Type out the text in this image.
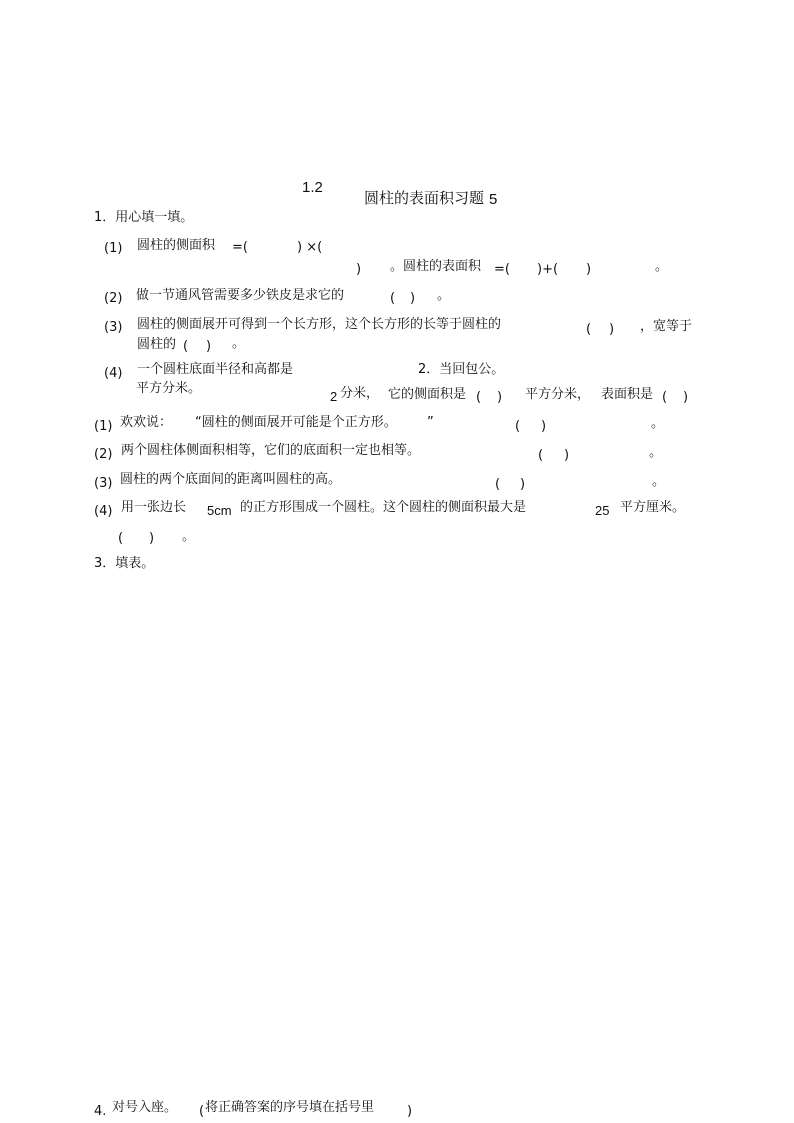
1.2
圆柱的表面积习题 5
1．用心填一填。
(1) 圆柱的侧面积 =(	) ×(
) 。圆柱的表面积 =( )+( )	。
(2) 做一节通风管需要多少铁皮是求它的	( ) 。
(3) 圆柱的侧面展开可得到一个长方形，这个长方形的长等于圆柱的	( ) ，宽等于
圆柱的 ( ) 。
(4) 一个圆柱底面半径和高都是	2．当回包公。
平方分米。
2 分米， 它的侧面积是 ( ) 平方分米， 表面积是 ( )
(1) 欢欢说： “圆柱的侧面展开可能是个正方形。 ”	( )	。
(2) 两个圆柱体侧面积相等，它们的底面积一定也相等。	( )	。
(3) 圆柱的两个底面间的距离叫圆柱的高。	( )	。
(4) 用一张边长 5cm 的正方形围成一个圆柱。这个圆柱的侧面积最大是	25 平方厘米。
( ) 。
3．填表。
4. 对号入座。 ( 将正确答案的序号填在括号里	)
